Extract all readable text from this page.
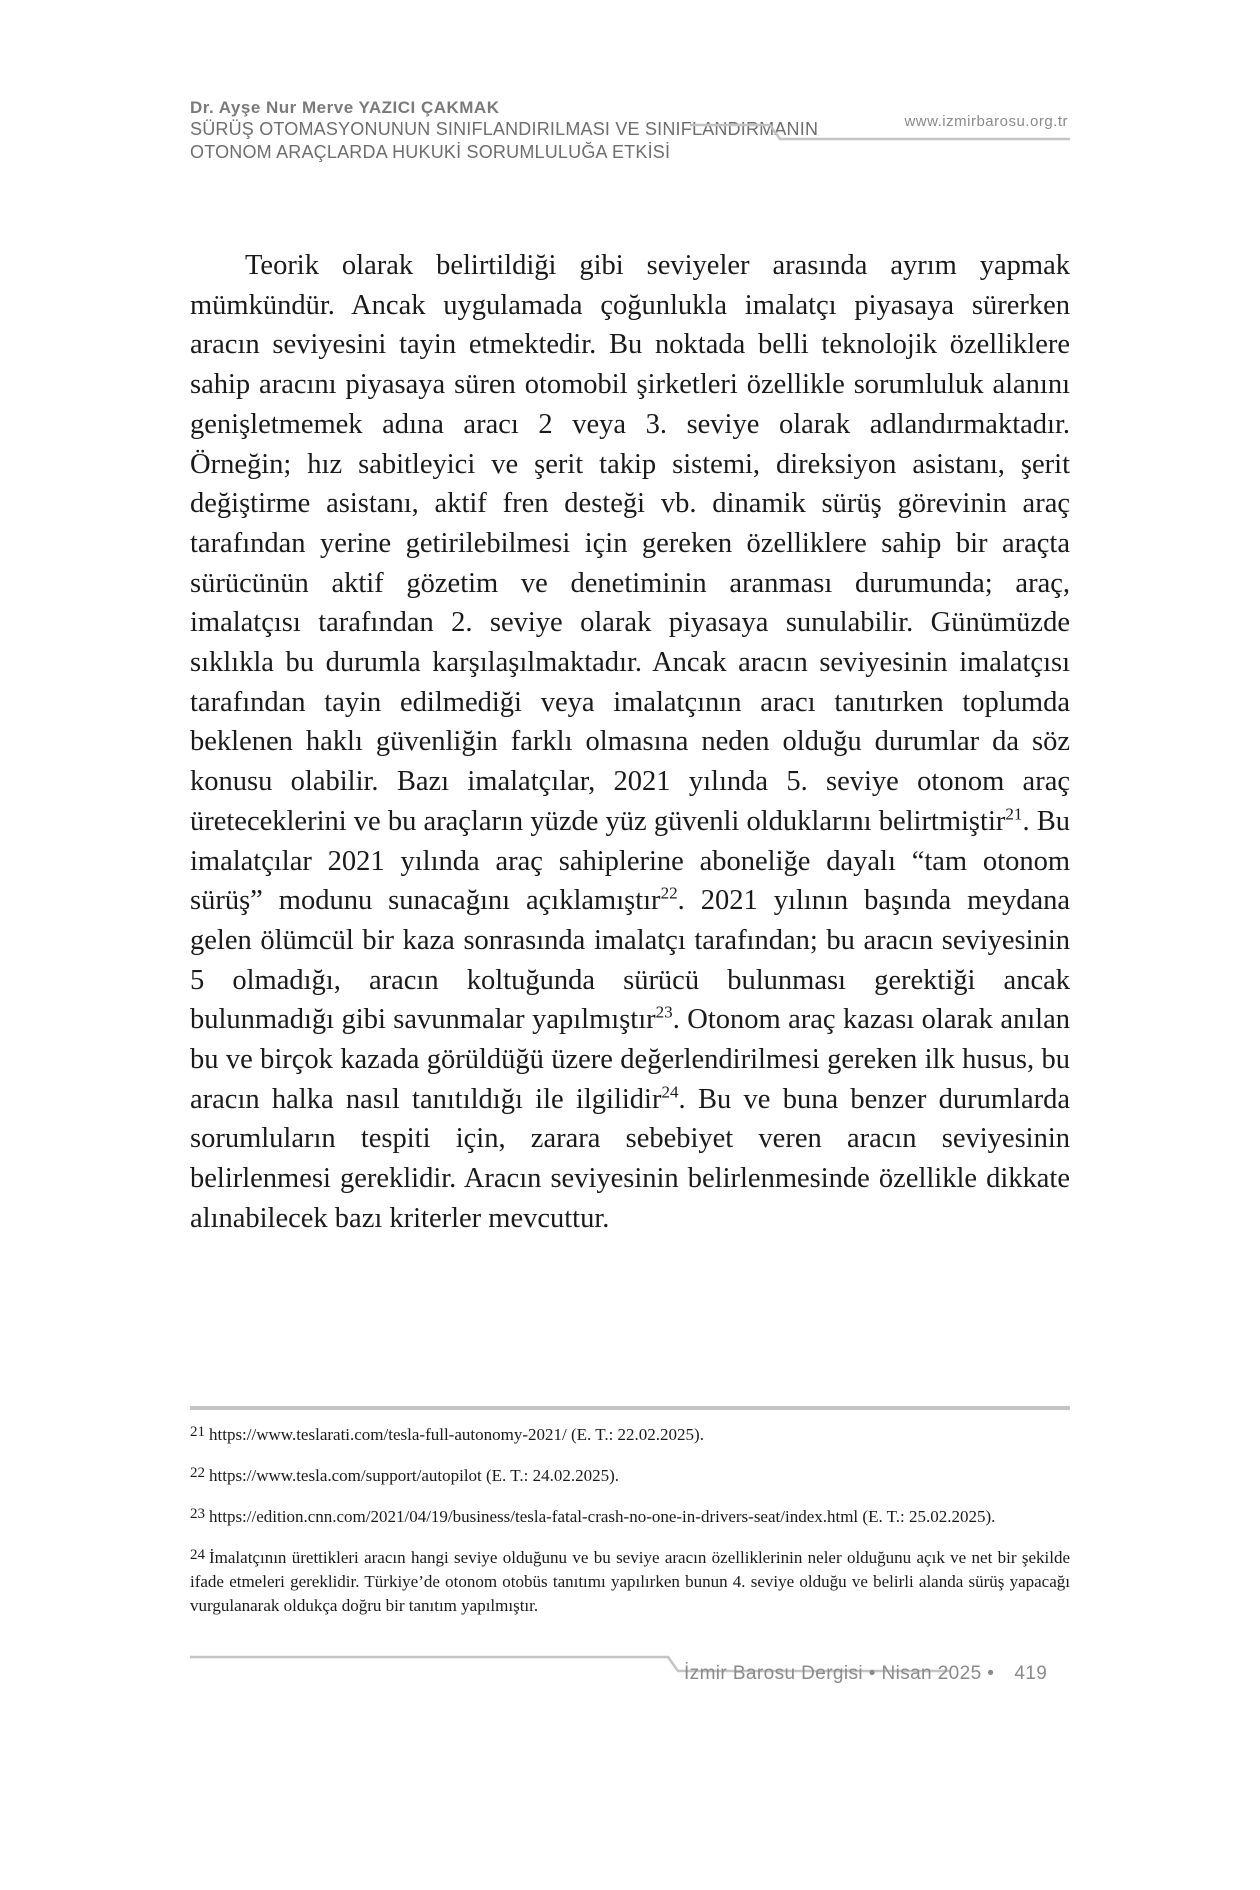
Dr. Ayşe Nur Merve YAZICI ÇAKMAK
SÜRÜŞ OTOMASYONUNUN SINIFLANDIRILMASI VE SINIFLANDIRMANIN
OTONOM ARAÇLARDA HUKUKİ SORUMLULUĞA ETKİSİ
www.izmirbarosu.org.tr

Teorik olarak belirtildiği gibi seviyeler arasında ayrım yapmak mümkündür. Ancak uygulamada çoğunlukla imalatçı piyasaya sürerken aracın seviyesini tayin etmektedir. Bu noktada belli teknolojik özelliklere sahip aracını piyasaya süren otomobil şirketleri özellikle sorumluluk alanını genişletmemek adına aracı 2 veya 3. seviye olarak adlandırmaktadır. Örneğin; hız sabitleyici ve şerit takip sistemi, direksiyon asistanı, şerit değiştirme asistanı, aktif fren desteği vb. dinamik sürüş görevinin araç tarafından yerine getirilebilmesi için gereken özelliklere sahip bir araçta sürücünün aktif gözetim ve denetiminin aranması durumunda; araç, imalatçısı tarafından 2. seviye olarak piyasaya sunulabilir. Günümüzde sıklıkla bu durumla karşılaşılmaktadır. Ancak aracın seviyesinin imalatçısı tarafından tayin edilmediği veya imalatçının aracı tanıtırken toplumda beklenen haklı güvenliğin farklı olmasına neden olduğu durumlar da söz konusu olabilir. Bazı imalatçılar, 2021 yılında 5. seviye otonom araç üreteceklerini ve bu araçların yüzde yüz güvenli olduklarını belirtmiştir$^{21}$. Bu imalatçılar 2021 yılında araç sahiplerine aboneliğe dayalı “tam otonom sürüş” modunu sunacağını açıklamıştır$^{22}$. 2021 yılının başında meydana gelen ölümcül bir kaza sonrasında imalatçı tarafından; bu aracın seviyesinin 5 olmadığı, aracın koltuğunda sürücü bulunması gerektiği ancak bulunmadığı gibi savunmalar yapılmıştır$^{23}$. Otonom araç kazası olarak anılan bu ve birçok kazada görüldüğü üzere değerlendirilmesi gereken ilk husus, bu aracın halka nasıl tanıtıldığı ile ilgilidir$^{24}$. Bu ve buna benzer durumlarda sorumluların tespiti için, zarara sebebiyet veren aracın seviyesinin belirlenmesi gereklidir. Aracın seviyesinin belirlenmesinde özellikle dikkate alınabilecek bazı kriterler mevcuttur.

21 https://www.teslarati.com/tesla-full-autonomy-2021/ (E. T.: 22.02.2025).
22 https://www.tesla.com/support/autopilot (E. T.: 24.02.2025).
23 https://edition.cnn.com/2021/04/19/business/tesla-fatal-crash-no-one-in-drivers-seat/index.html (E. T.: 25.02.2025).
24 İmalatçının ürettikleri aracın hangi seviye olduğunu ve bu seviye aracın özelliklerinin neler olduğunu açık ve net bir şekilde ifade etmeleri gereklidir. Türkiye’de otonom otobüs tanıtımı yapılırken bunun 4. seviye olduğu ve belirli alanda sürüş yapacağı vurgulanarak oldukça doğru bir tanıtım yapılmıştır.
İzmir Barosu Dergisi • Nisan 2025 • 419
